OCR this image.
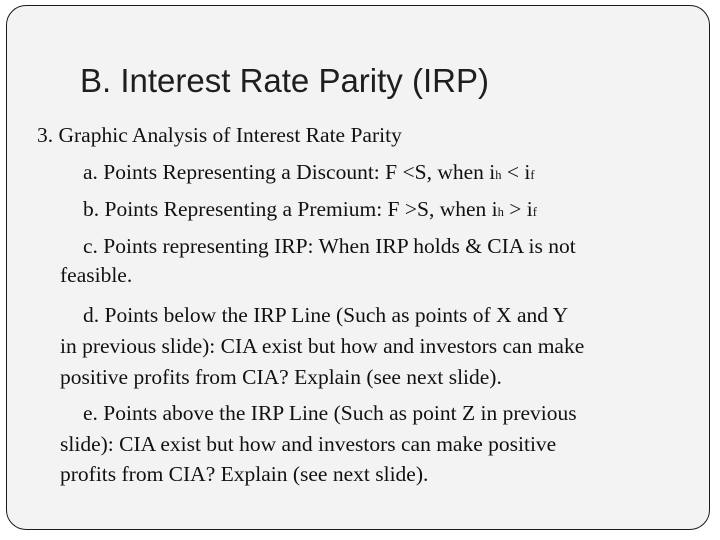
B. Interest Rate Parity (IRP)
3. Graphic Analysis of Interest Rate Parity
a. Points Representing a Discount: F <S, when ih < if
b. Points Representing a Premium: F >S, when ih > if
c. Points representing IRP: When IRP holds & CIA is not
feasible.
d. Points below the IRP Line (Such as points of X and Y
in previous slide): CIA exist but how and investors can make
positive profits from CIA? Explain (see next slide).
e. Points above the IRP Line (Such as point Z in previous
slide): CIA exist but how and investors can make positive
profits from CIA? Explain (see next slide).
